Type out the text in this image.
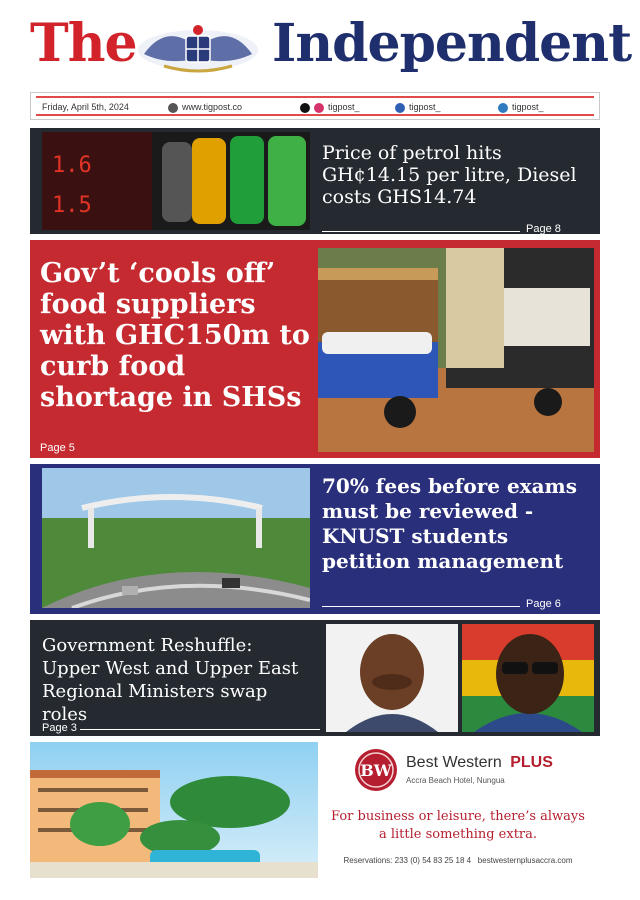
The	Independent
Friday, April 5th, 2024	www.tigpost.co	tigpost_	tigpost_	tigpost_
1.6
1.5
Price of petrol hits GH¢14.15 per litre, Diesel costs GHS14.74
Page 8
Gov’t ‘cools off’ food suppliers with GHC150m to curb food shortage in SHSs
Page 5
70% fees before exams must be reviewed - KNUST students petition management
Page 6
Government Reshuffle: Upper West and Upper East Regional Ministers swap roles
Page 3
BW Best Western PLUS
Accra Beach Hotel, Nungua
For business or leisure, there’s always
a little something extra.
Reservations: 233 (0) 54 83 25 18 4   bestwesternplusaccra.com
